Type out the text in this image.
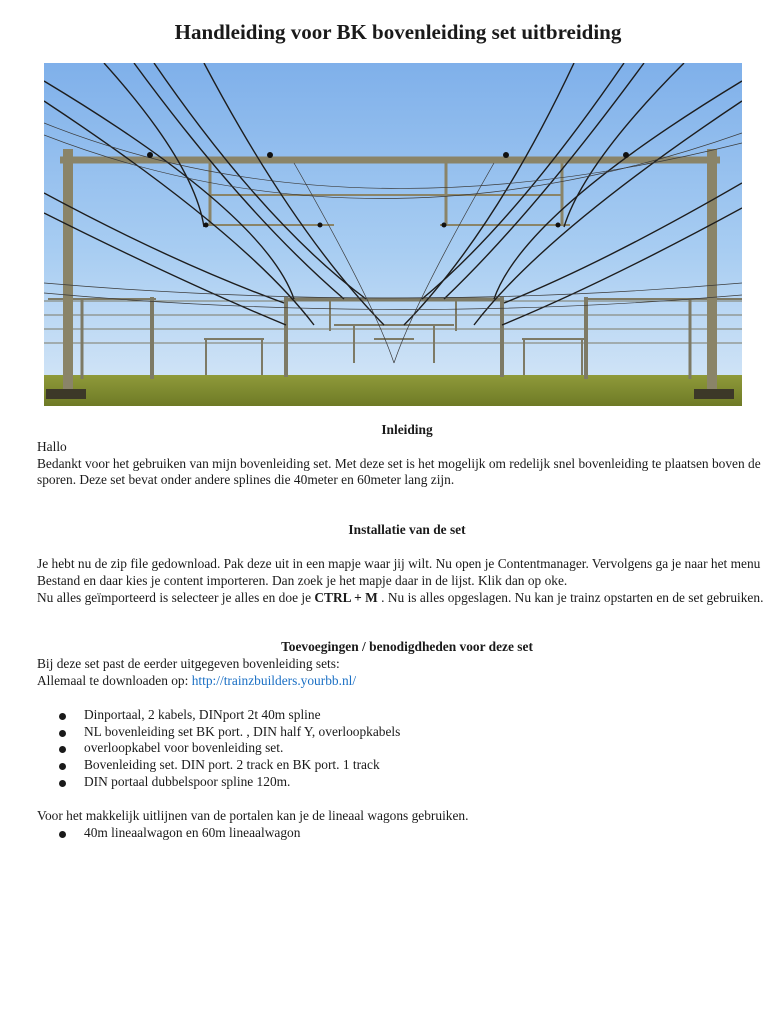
Handleiding voor BK bovenleiding set uitbreiding

Inleiding

Hallo

Bedankt voor het gebruiken van mijn bovenleiding set. Met deze set is het mogelijk om redelijk snel bovenleiding te plaatsen boven de sporen. Deze set bevat onder andere splines die 40meter en 60meter lang zijn.

Installatie van de set

Je hebt nu de zip file gedownload. Pak deze uit in een mapje waar jij wilt. Nu open je Contentmanager. Vervolgens ga je naar het menu Bestand en daar kies je content importeren. Dan zoek je het mapje daar in de lijst. Klik dan op oke.

Nu alles geïmporteerd is selecteer je alles en doe je CTRL + M . Nu is alles opgeslagen. Nu kan je trainz opstarten en de set gebruiken.

Toevoegingen / benodigdheden voor deze set

Bij deze set past de eerder uitgegeven bovenleiding sets:

Allemaal te downloaden op: http://trainzbuilders.yourbb.nl/

Dinportaal, 2 kabels, DINport 2t 40m spline
NL bovenleiding set BK port. , DIN half Y, overloopkabels
overloopkabel voor bovenleiding set.
Bovenleiding set. DIN port. 2 track en BK port. 1 track
DIN portaal dubbelspoor spline 120m.

Voor het makkelijk uitlijnen van de portalen kan je de lineaal wagons gebruiken.

40m lineaalwagon en 60m lineaalwagon
